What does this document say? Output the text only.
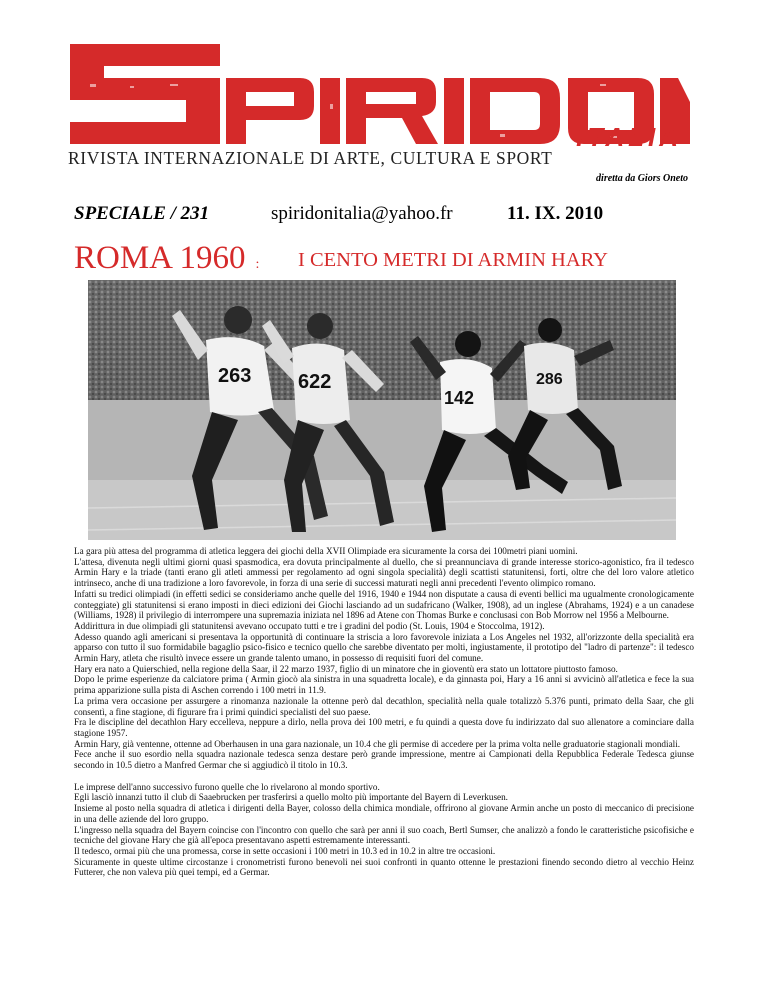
ITALIA
RIVISTA INTERNAZIONALE DI ARTE, CULTURA E SPORT
diretta da Giors Oneto
SPECIALE / 231	spiridonitalia@yahoo.fr	11. IX. 2010
ROMA 1960 : I CENTO METRI DI ARMIN HARY
263 622
142
286

La gara più attesa del programma di atletica leggera dei giochi della XVII Olimpiade era sicuramente la corsa dei 100metri piani uomini.

L'attesa, divenuta negli ultimi giorni quasi spasmodica, era dovuta principalmente al duello, che si preannunciava di grande interesse storico-agonistico, fra il tedesco Armin Hary e la triade (tanti erano gli atleti ammessi per regolamento ad ogni singola specialità) degli scattisti statunitensi, forti, oltre che del loro valore atletico intrinseco, anche di una tradizione a loro favorevole, in forza di una serie di successi maturati negli anni precedenti l'evento olimpico romano.

Infatti su tredici olimpiadi (in effetti sedici se consideriamo anche quelle del 1916, 1940 e 1944 non disputate a causa di eventi bellici ma ugualmente cronologicamente conteggiate) gli statunitensi si erano imposti in dieci edizioni dei Giochi lasciando ad un sudafricano (Walker, 1908), ad un inglese (Abrahams, 1924) e a un canadese (Williams, 1928) il privilegio di interrompere una supremazia iniziata nel 1896 ad Atene con Thomas Burke e conclusasi con Bob Morrow nel 1956 a Melbourne.

Addirittura in due olimpiadi gli statunitensi avevano occupato tutti e tre i gradini del podio (St. Louis, 1904 e Stoccolma, 1912).

Adesso quando agli americani si presentava la opportunità di continuare la striscia a loro favorevole iniziata a Los Angeles nel 1932, all'orizzonte della specialità era apparso con tutto il suo formidabile bagaglio psico-fisico e tecnico quello che sarebbe diventato per molti, ingiustamente, il prototipo del "ladro di partenze": il tedesco Armin Hary, atleta che risultò invece essere un grande talento umano, in possesso di requisiti fuori del comune.

Hary era nato a Quierschied, nella regione della Saar, il 22 marzo 1937, figlio di un minatore che in gioventù era stato un lottatore piuttosto famoso.

Dopo le prime esperienze da calciatore prima ( Armin giocò ala sinistra in una squadretta locale), e da ginnasta poi, Hary a 16 anni si avvicinò all'atletica e fece la sua prima apparizione sulla pista di Aschen correndo i 100 metri in 11.9.

La prima vera occasione per assurgere a rinomanza nazionale la ottenne però dal decathlon, specialità nella quale totalizzò 5.376 punti, primato della Saar, che gli consentì, a fine stagione, di figurare fra i primi quindici specialisti del suo paese.

Fra le discipline del decathlon Hary eccelleva, neppure a dirlo, nella prova dei 100 metri, e fu quindi a questa dove fu indirizzato dal suo allenatore a cominciare dalla stagione 1957.

Armin Hary, già ventenne, ottenne ad Oberhausen in una gara nazionale, un 10.4 che gli permise di accedere per la prima volta nelle graduatorie stagionali mondiali.

Fece anche il suo esordio nella squadra nazionale tedesca senza destare però grande impressione, mentre ai Campionati della Repubblica Federale Tedesca giunse secondo in 10.5 dietro a Manfred Germar che si aggiudicò il titolo in 10.3.

Le imprese dell'anno successivo furono quelle che lo rivelarono al mondo sportivo.

Egli lasciò innanzi tutto il club di Saaebrucken per trasferirsi a quello molto più importante del Bayern di Leverkusen.

Insieme al posto nella squadra di atletica i dirigenti della Bayer, colosso della chimica mondiale, offrirono al giovane Armin anche un posto di meccanico di precisione in una delle aziende del loro gruppo.

L'ingresso nella squadra del Bayern coincise con l'incontro con quello che sarà per anni il suo coach, Bertl Sumser, che analizzò a fondo le caratteristiche psicofisiche e tecniche del giovane Hary che già all'epoca presentavano aspetti estremamente interessanti.

Il tedesco, ormai più che una promessa, corse in sette occasioni i 100 metri in 10.3 ed in 10.2 in altre tre occasioni.

Sicuramente in queste ultime circostanze i cronometristi furono benevoli nei suoi confronti in quanto ottenne le prestazioni finendo secondo dietro al vecchio Heinz Futterer, che non valeva più quei tempi, ed a Germar.
